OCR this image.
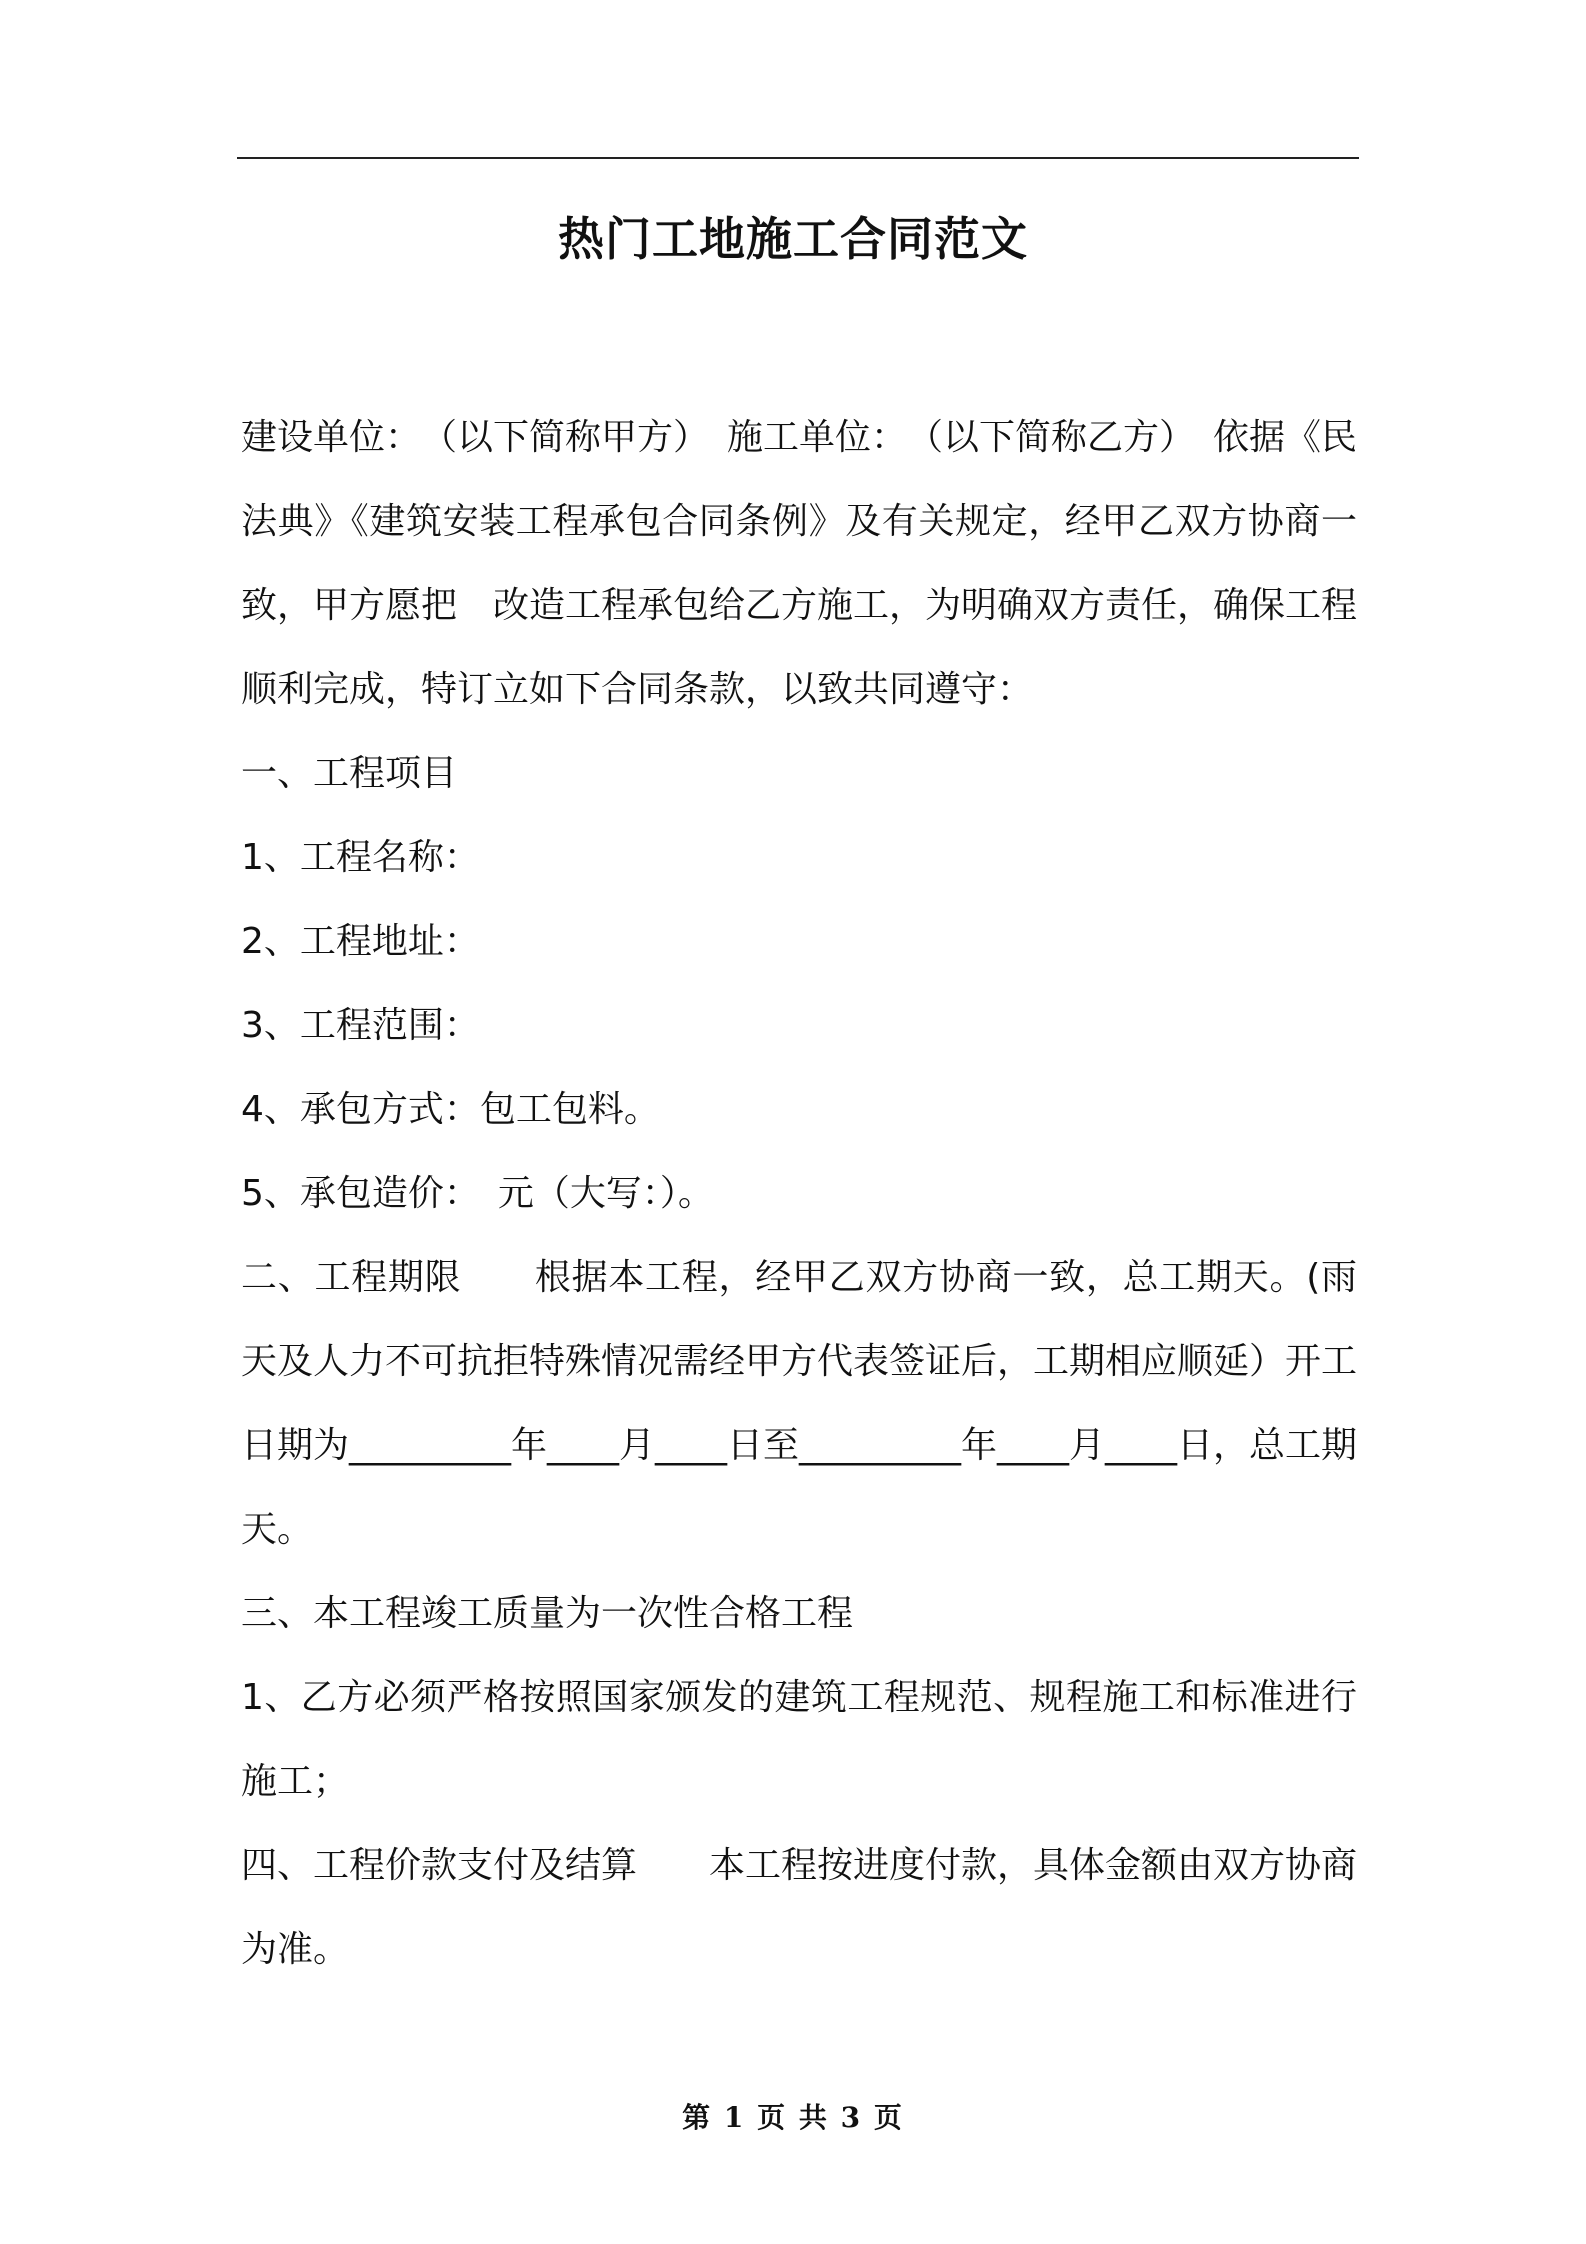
热门工地施工合同范文

建设单位：　（以下简称甲方）　施工单位：　（以下简称乙方）　依据《民法典》《建筑安装工程承包合同条例》及有关规定，经甲乙双方协商一致，甲方愿把　改造工程承包给乙方施工，为明确双方责任，确保工程顺利完成，特订立如下合同条款，以致共同遵守：

一、工程项目

1、工程名称：

2、工程地址：

3、工程范围：

4、承包方式：包工包料。

5、承包造价：　元（大写：）。

二、工程期限　　根据本工程，经甲乙双方协商一致，总工期天。(雨天及人力不可抗拒特殊情况需经甲方代表签证后，工期相应顺延）开工日期为_________年____月____日至_________年____月____日，总工期　天。

三、本工程竣工质量为一次性合格工程

1、乙方必须严格按照国家颁发的建筑工程规范、规程施工和标准进行施工；

四、工程价款支付及结算　　本工程按进度付款，具体金额由双方协商为准。

第 1 页 共 3 页
